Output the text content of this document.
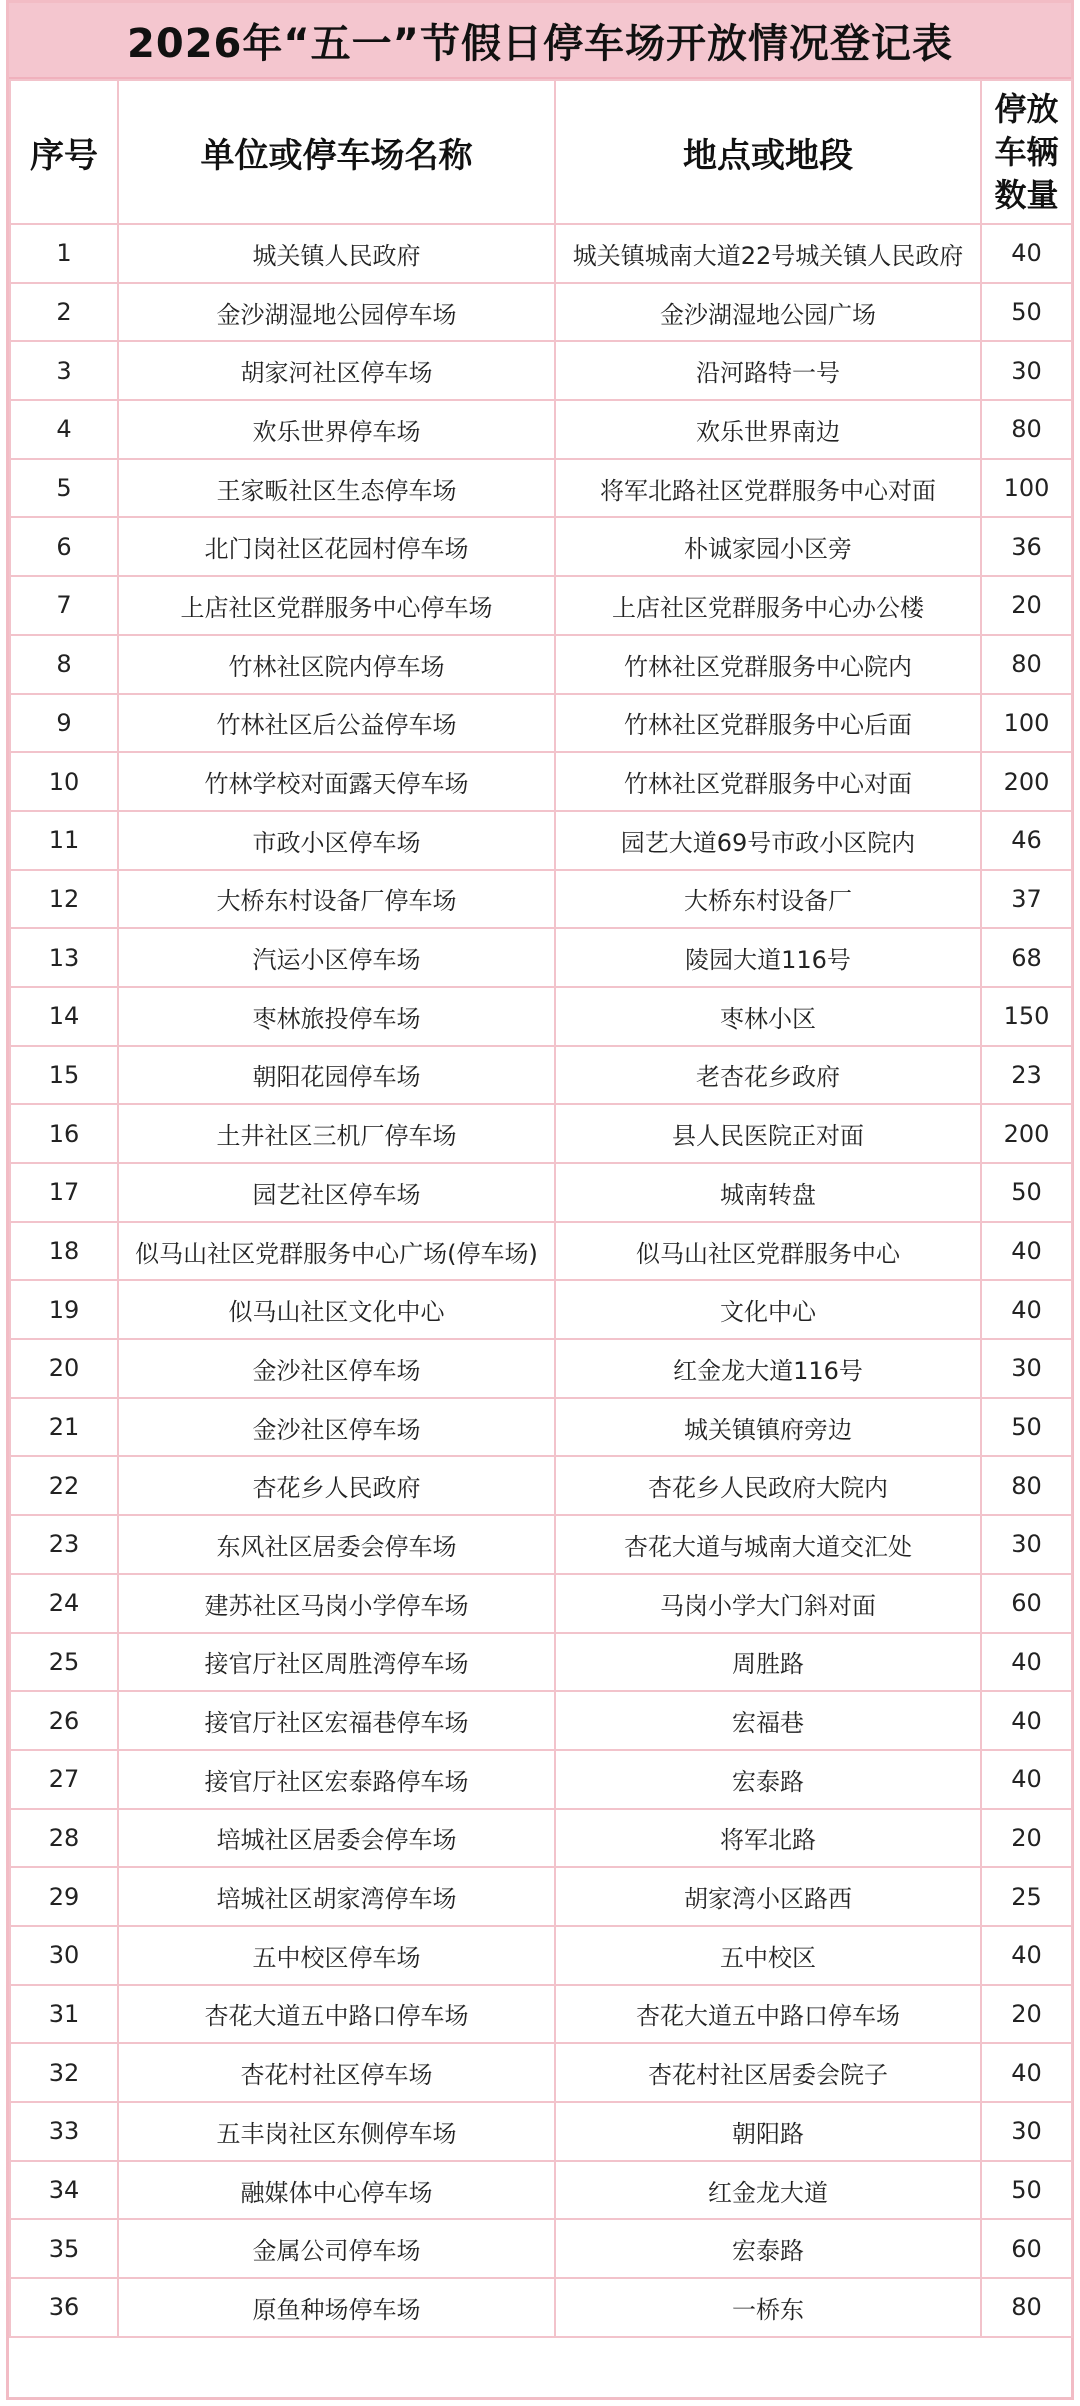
2026年“五一”节假日停车场开放情况登记表
序号	单位或停车场名称	地点或地段	停放车辆数量
1	城关镇人民政府	城关镇城南大道22号城关镇人民政府	40
2	金沙湖湿地公园停车场	金沙湖湿地公园广场	50
3	胡家河社区停车场	沿河路特一号	30
4	欢乐世界停车场	欢乐世界南边	80
5	王家畈社区生态停车场	将军北路社区党群服务中心对面	100
6	北门岗社区花园村停车场	朴诚家园小区旁	36
7	上店社区党群服务中心停车场	上店社区党群服务中心办公楼	20
8	竹林社区院内停车场	竹林社区党群服务中心院内	80
9	竹林社区后公益停车场	竹林社区党群服务中心后面	100
10	竹林学校对面露天停车场	竹林社区党群服务中心对面	200
11	市政小区停车场	园艺大道69号市政小区院内	46
12	大桥东村设备厂停车场	大桥东村设备厂	37
13	汽运小区停车场	陵园大道116号	68
14	枣林旅投停车场	枣林小区	150
15	朝阳花园停车场	老杏花乡政府	23
16	土井社区三机厂停车场	县人民医院正对面	200
17	园艺社区停车场	城南转盘	50
18	似马山社区党群服务中心广场(停车场)	似马山社区党群服务中心	40
19	似马山社区文化中心	文化中心	40
20	金沙社区停车场	红金龙大道116号	30
21	金沙社区停车场	城关镇镇府旁边	50
22	杏花乡人民政府	杏花乡人民政府大院内	80
23	东风社区居委会停车场	杏花大道与城南大道交汇处	30
24	建苏社区马岗小学停车场	马岗小学大门斜对面	60
25	接官厅社区周胜湾停车场	周胜路	40
26	接官厅社区宏福巷停车场	宏福巷	40
27	接官厅社区宏泰路停车场	宏泰路	40
28	培城社区居委会停车场	将军北路	20
29	培城社区胡家湾停车场	胡家湾小区路西	25
30	五中校区停车场	五中校区	40
31	杏花大道五中路口停车场	杏花大道五中路口停车场	20
32	杏花村社区停车场	杏花村社区居委会院子	40
33	五丰岗社区东侧停车场	朝阳路	30
34	融媒体中心停车场	红金龙大道	50
35	金属公司停车场	宏泰路	60
36	原鱼种场停车场	一桥东	80
